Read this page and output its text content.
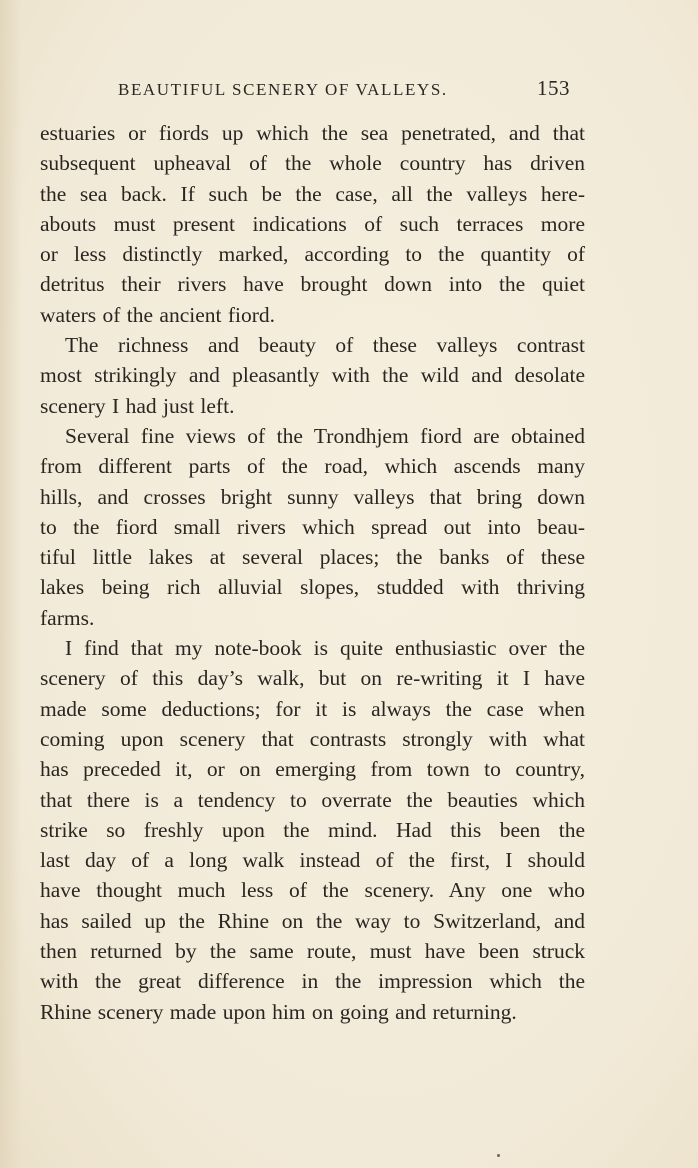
BEAUTIFUL SCENERY OF VALLEYS.	153
estuaries or fiords up which the sea penetrated, and that
subsequent upheaval of the whole country has driven
the sea back. If such be the case, all the valleys here-
abouts must present indications of such terraces more
or less distinctly marked, according to the quantity of
detritus their rivers have brought down into the quiet
waters of the ancient fiord.
The richness and beauty of these valleys contrast
most strikingly and pleasantly with the wild and desolate
scenery I had just left.
Several fine views of the Trondhjem fiord are obtained
from different parts of the road, which ascends many
hills, and crosses bright sunny valleys that bring down
to the fiord small rivers which spread out into beau-
tiful little lakes at several places; the banks of these
lakes being rich alluvial slopes, studded with thriving
farms.
I find that my note-book is quite enthusiastic over the
scenery of this day’s walk, but on re-writing it I have
made some deductions; for it is always the case when
coming upon scenery that contrasts strongly with what
has preceded it, or on emerging from town to country,
that there is a tendency to overrate the beauties which
strike so freshly upon the mind. Had this been the
last day of a long walk instead of the first, I should
have thought much less of the scenery. Any one who
has sailed up the Rhine on the way to Switzerland, and
then returned by the same route, must have been struck
with the great difference in the impression which the
Rhine scenery made upon him on going and returning.
